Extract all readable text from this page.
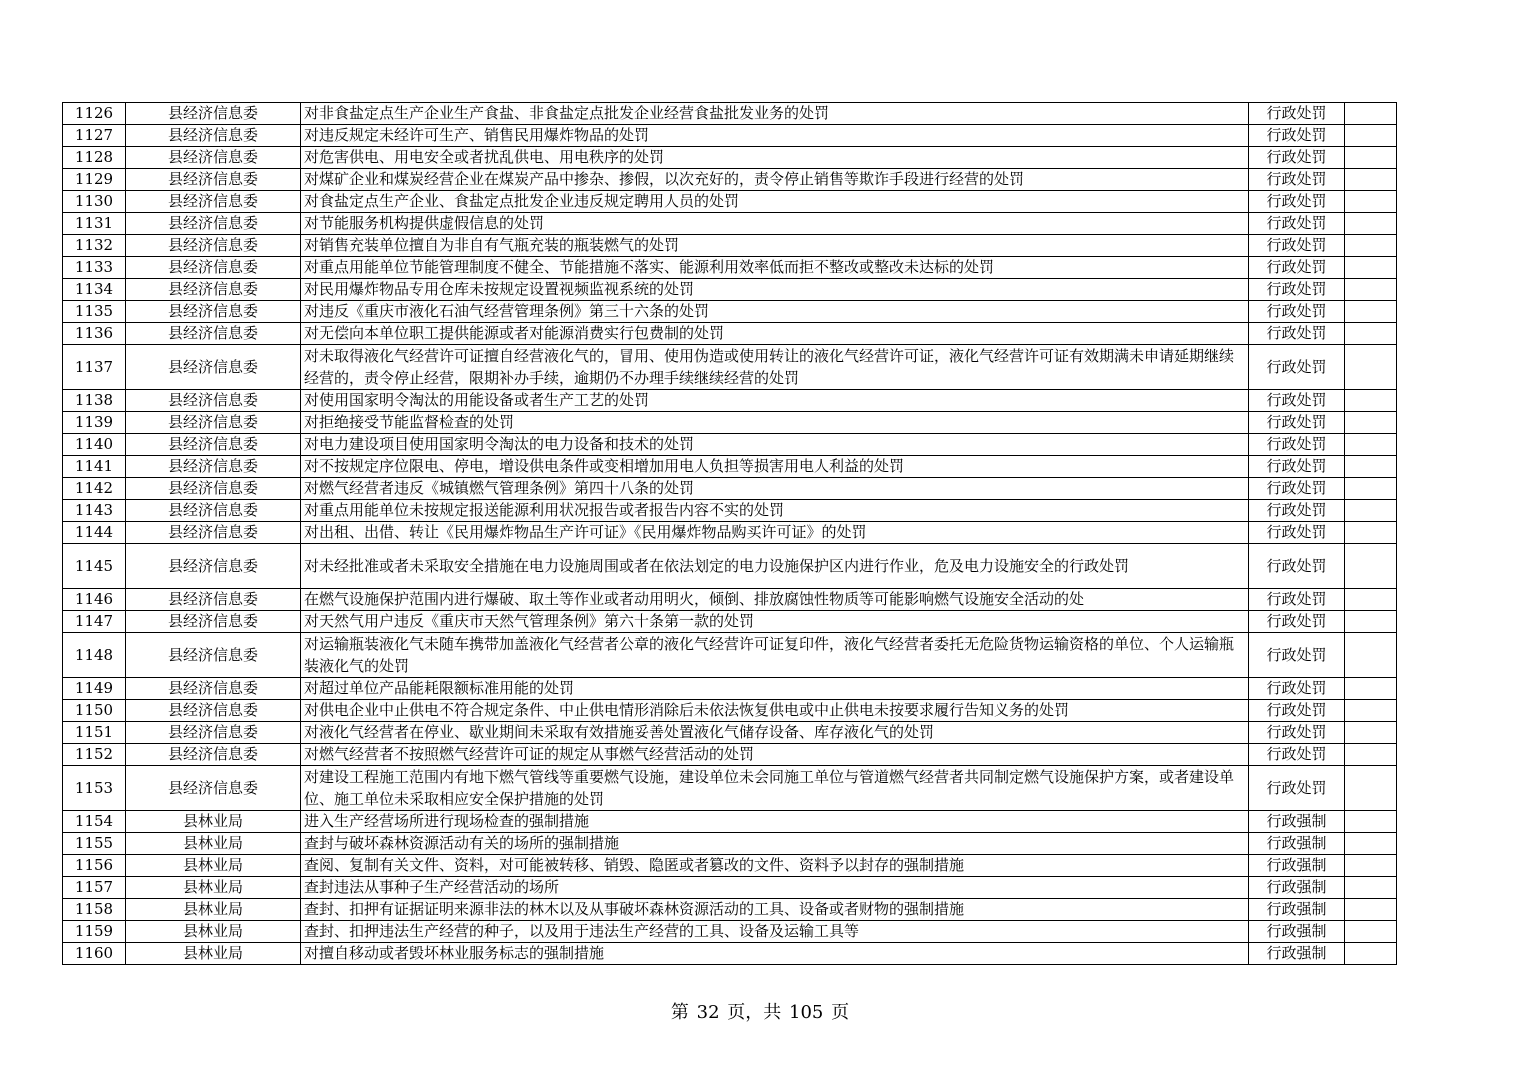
1126	县经济信息委	对非食盐定点生产企业生产食盐、非食盐定点批发企业经营食盐批发业务的处罚	行政处罚	
1127	县经济信息委	对违反规定未经许可生产、销售民用爆炸物品的处罚	行政处罚	
1128	县经济信息委	对危害供电、用电安全或者扰乱供电、用电秩序的处罚	行政处罚	
1129	县经济信息委	对煤矿企业和煤炭经营企业在煤炭产品中掺杂、掺假，以次充好的，责令停止销售等欺诈手段进行经营的处罚	行政处罚	
1130	县经济信息委	对食盐定点生产企业、食盐定点批发企业违反规定聘用人员的处罚	行政处罚	
1131	县经济信息委	对节能服务机构提供虚假信息的处罚	行政处罚	
1132	县经济信息委	对销售充装单位擅自为非自有气瓶充装的瓶装燃气的处罚	行政处罚	
1133	县经济信息委	对重点用能单位节能管理制度不健全、节能措施不落实、能源利用效率低而拒不整改或整改未达标的处罚	行政处罚	
1134	县经济信息委	对民用爆炸物品专用仓库未按规定设置视频监视系统的处罚	行政处罚	
1135	县经济信息委	对违反《重庆市液化石油气经营管理条例》第三十六条的处罚	行政处罚	
1136	县经济信息委	对无偿向本单位职工提供能源或者对能源消费实行包费制的处罚	行政处罚	
1137	县经济信息委	对未取得液化气经营许可证擅自经营液化气的，冒用、使用伪造或使用转让的液化气经营许可证，液化气经营许可证有效期满未申请延期继续经营的，责令停止经营，限期补办手续，逾期仍不办理手续继续经营的处罚	行政处罚	
1138	县经济信息委	对使用国家明令淘汰的用能设备或者生产工艺的处罚	行政处罚	
1139	县经济信息委	对拒绝接受节能监督检查的处罚	行政处罚	
1140	县经济信息委	对电力建设项目使用国家明令淘汰的电力设备和技术的处罚	行政处罚	
1141	县经济信息委	对不按规定序位限电、停电，增设供电条件或变相增加用电人负担等损害用电人利益的处罚	行政处罚	
1142	县经济信息委	对燃气经营者违反《城镇燃气管理条例》第四十八条的处罚	行政处罚	
1143	县经济信息委	对重点用能单位未按规定报送能源利用状况报告或者报告内容不实的处罚	行政处罚	
1144	县经济信息委	对出租、出借、转让《民用爆炸物品生产许可证》《民用爆炸物品购买许可证》的处罚	行政处罚	
1145	县经济信息委	对未经批准或者未采取安全措施在电力设施周围或者在依法划定的电力设施保护区内进行作业，危及电力设施安全的行政处罚	行政处罚	
1146	县经济信息委	在燃气设施保护范围内进行爆破、取土等作业或者动用明火，倾倒、排放腐蚀性物质等可能影响燃气设施安全活动的处	行政处罚	
1147	县经济信息委	对天然气用户违反《重庆市天然气管理条例》第六十条第一款的处罚	行政处罚	
1148	县经济信息委	对运输瓶装液化气未随车携带加盖液化气经营者公章的液化气经营许可证复印件，液化气经营者委托无危险货物运输资格的单位、个人运输瓶装液化气的处罚	行政处罚	
1149	县经济信息委	对超过单位产品能耗限额标准用能的处罚	行政处罚	
1150	县经济信息委	对供电企业中止供电不符合规定条件、中止供电情形消除后未依法恢复供电或中止供电未按要求履行告知义务的处罚	行政处罚	
1151	县经济信息委	对液化气经营者在停业、歇业期间未采取有效措施妥善处置液化气储存设备、库存液化气的处罚	行政处罚	
1152	县经济信息委	对燃气经营者不按照燃气经营许可证的规定从事燃气经营活动的处罚	行政处罚	
1153	县经济信息委	对建设工程施工范围内有地下燃气管线等重要燃气设施，建设单位未会同施工单位与管道燃气经营者共同制定燃气设施保护方案，或者建设单位、施工单位未采取相应安全保护措施的处罚	行政处罚	
1154	县林业局	进入生产经营场所进行现场检查的强制措施	行政强制	
1155	县林业局	查封与破坏森林资源活动有关的场所的强制措施	行政强制	
1156	县林业局	查阅、复制有关文件、资料，对可能被转移、销毁、隐匿或者篡改的文件、资料予以封存的强制措施	行政强制	
1157	县林业局	查封违法从事种子生产经营活动的场所	行政强制	
1158	县林业局	查封、扣押有证据证明来源非法的林木以及从事破坏森林资源活动的工具、设备或者财物的强制措施	行政强制	
1159	县林业局	查封、扣押违法生产经营的种子，以及用于违法生产经营的工具、设备及运输工具等	行政强制	
1160	县林业局	对擅自移动或者毁坏林业服务标志的强制措施	行政强制	
第 32 页，共 105 页
